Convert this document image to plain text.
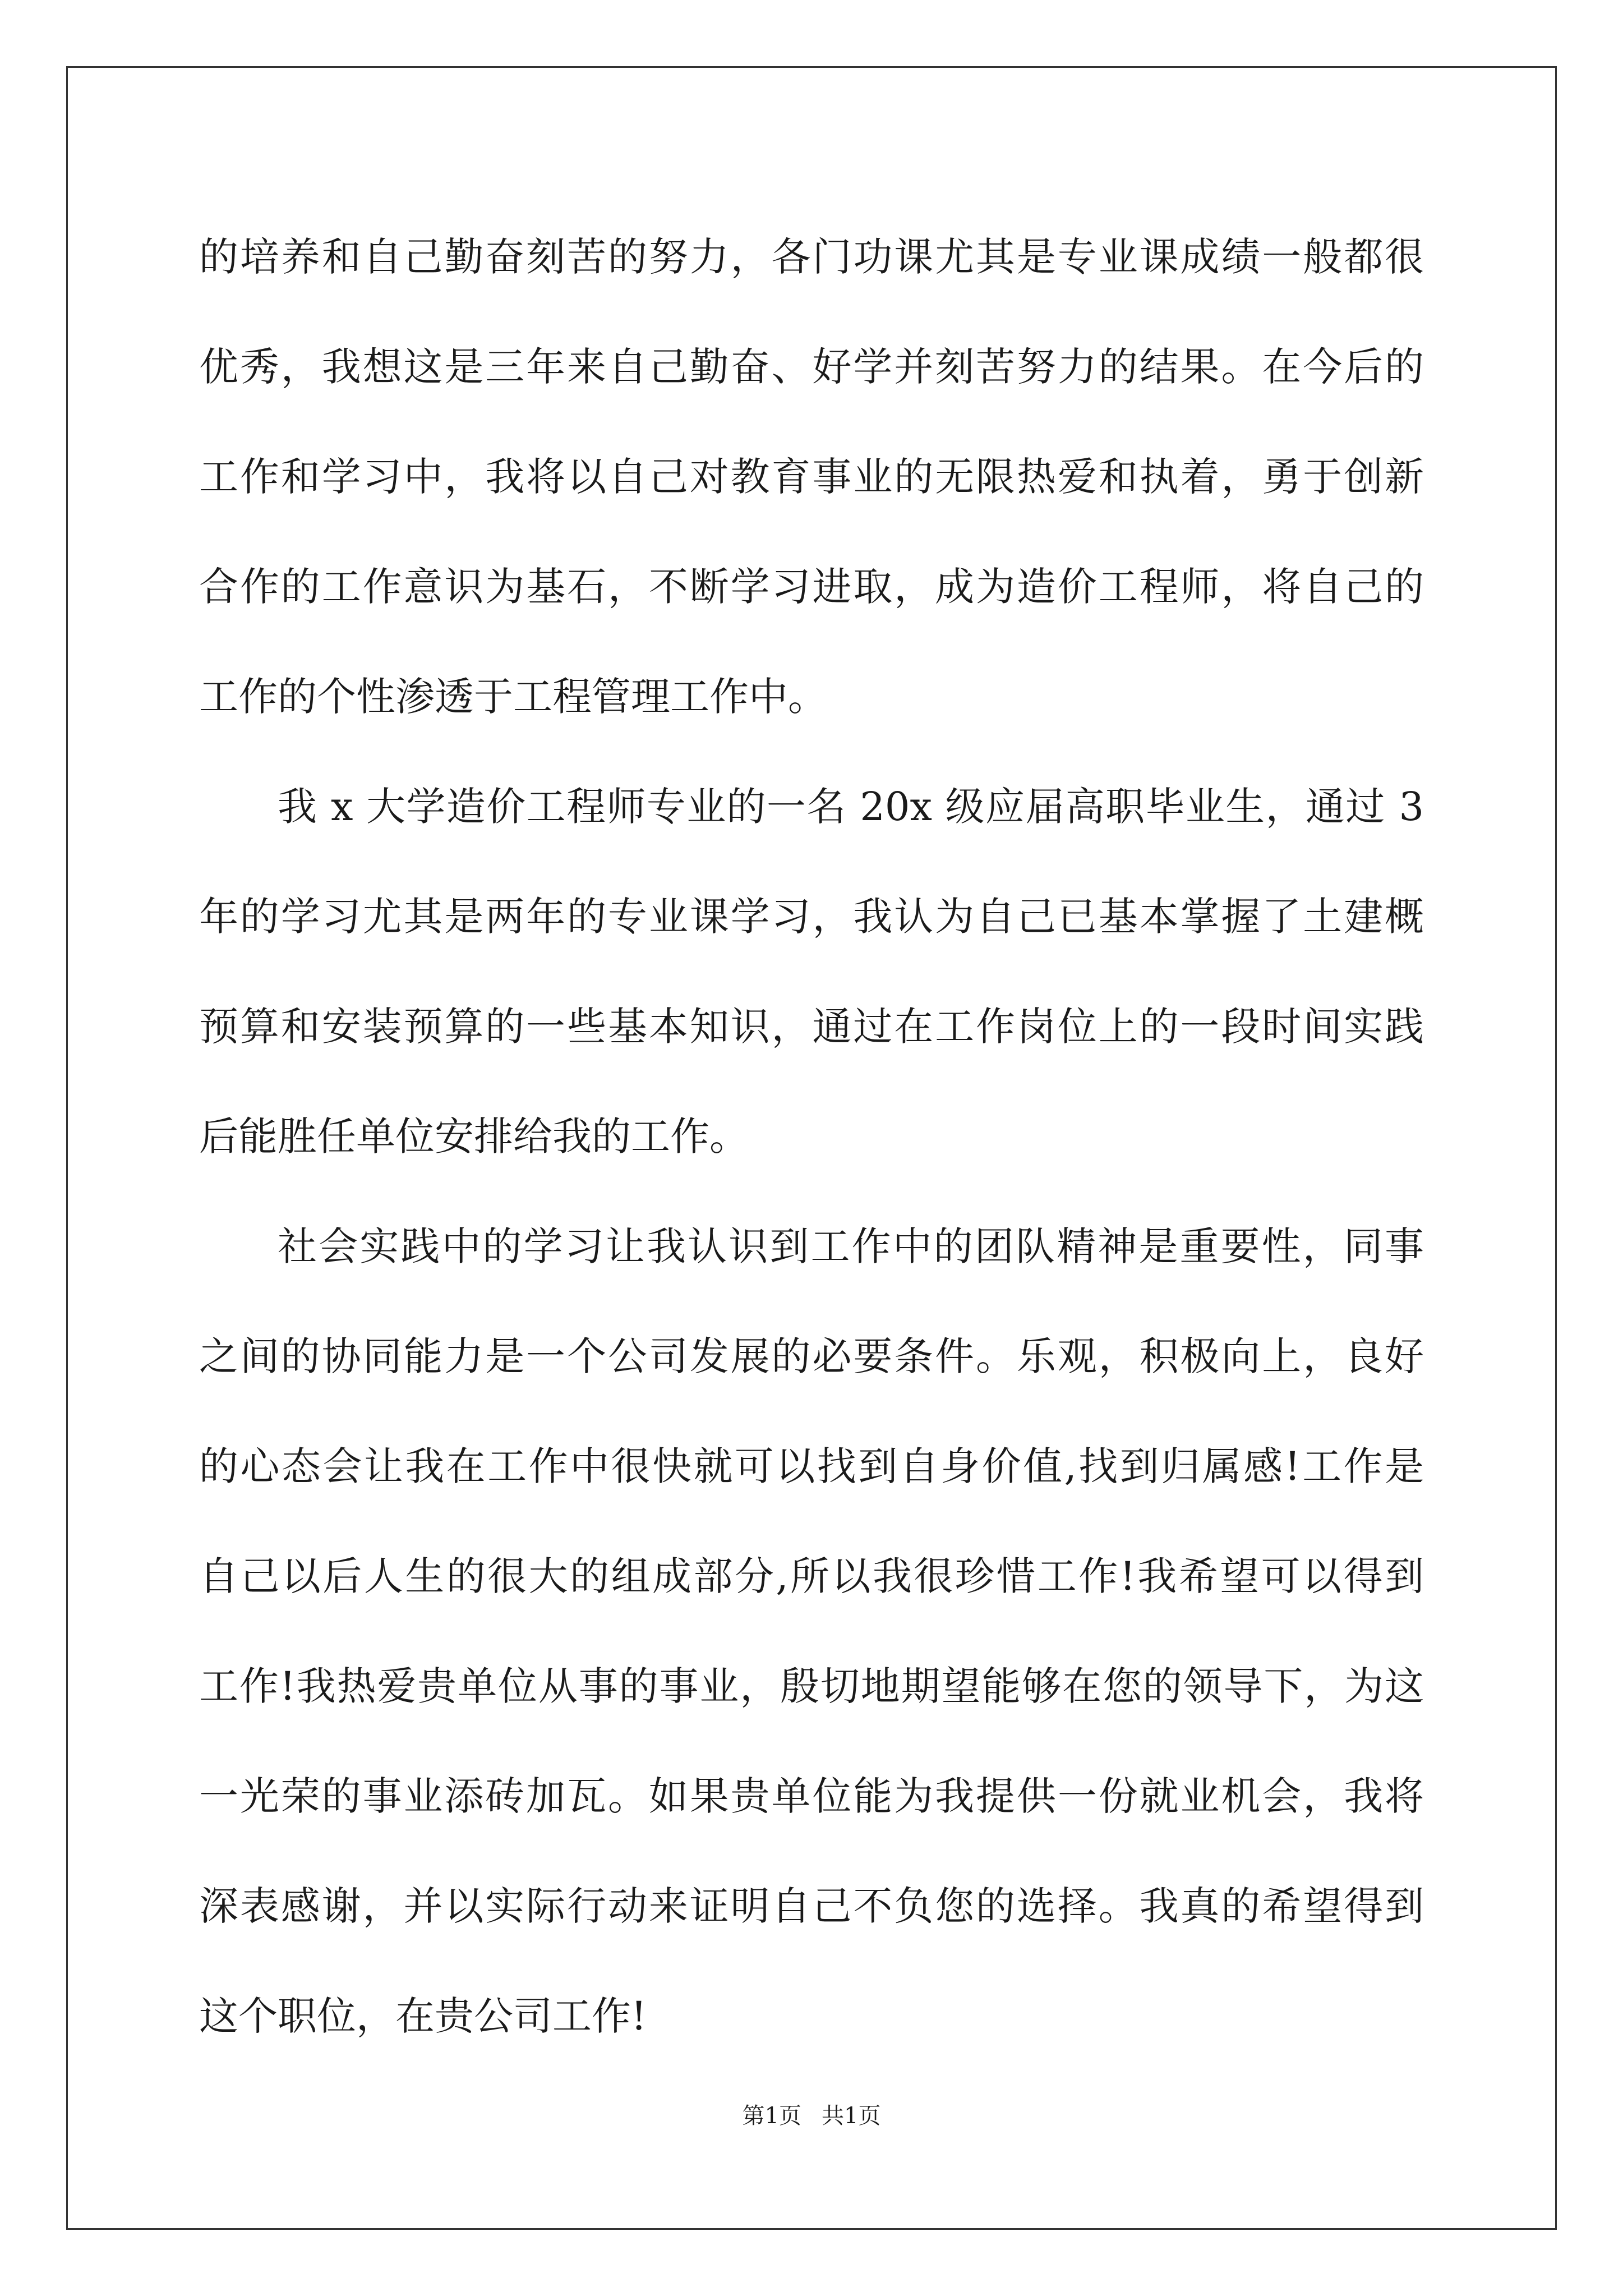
的培养和自己勤奋刻苦的努力，各门功课尤其是专业课成绩一般都很
优秀，我想这是三年来自己勤奋、好学并刻苦努力的结果。在今后的
工作和学习中，我将以自己对教育事业的无限热爱和执着，勇于创新
合作的工作意识为基石，不断学习进取，成为造价工程师，将自己的
工作的个性渗透于工程管理工作中。
我 x 大学造价工程师专业的一名 20x 级应届高职毕业生，通过 3
年的学习尤其是两年的专业课学习，我认为自己已基本掌握了土建概
预算和安装预算的一些基本知识，通过在工作岗位上的一段时间实践
后能胜任单位安排给我的工作。
社会实践中的学习让我认识到工作中的团队精神是重要性，同事
之间的协同能力是一个公司发展的必要条件。乐观，积极向上，良好
的心态会让我在工作中很快就可以找到自身价值,找到归属感!工作是
自己以后人生的很大的组成部分,所以我很珍惜工作!我希望可以得到
工作!我热爱贵单位从事的事业，殷切地期望能够在您的领导下，为这
一光荣的事业添砖加瓦。如果贵单位能为我提供一份就业机会，我将
深表感谢，并以实际行动来证明自己不负您的选择。我真的希望得到
这个职位，在贵公司工作!
第1页 共1页
